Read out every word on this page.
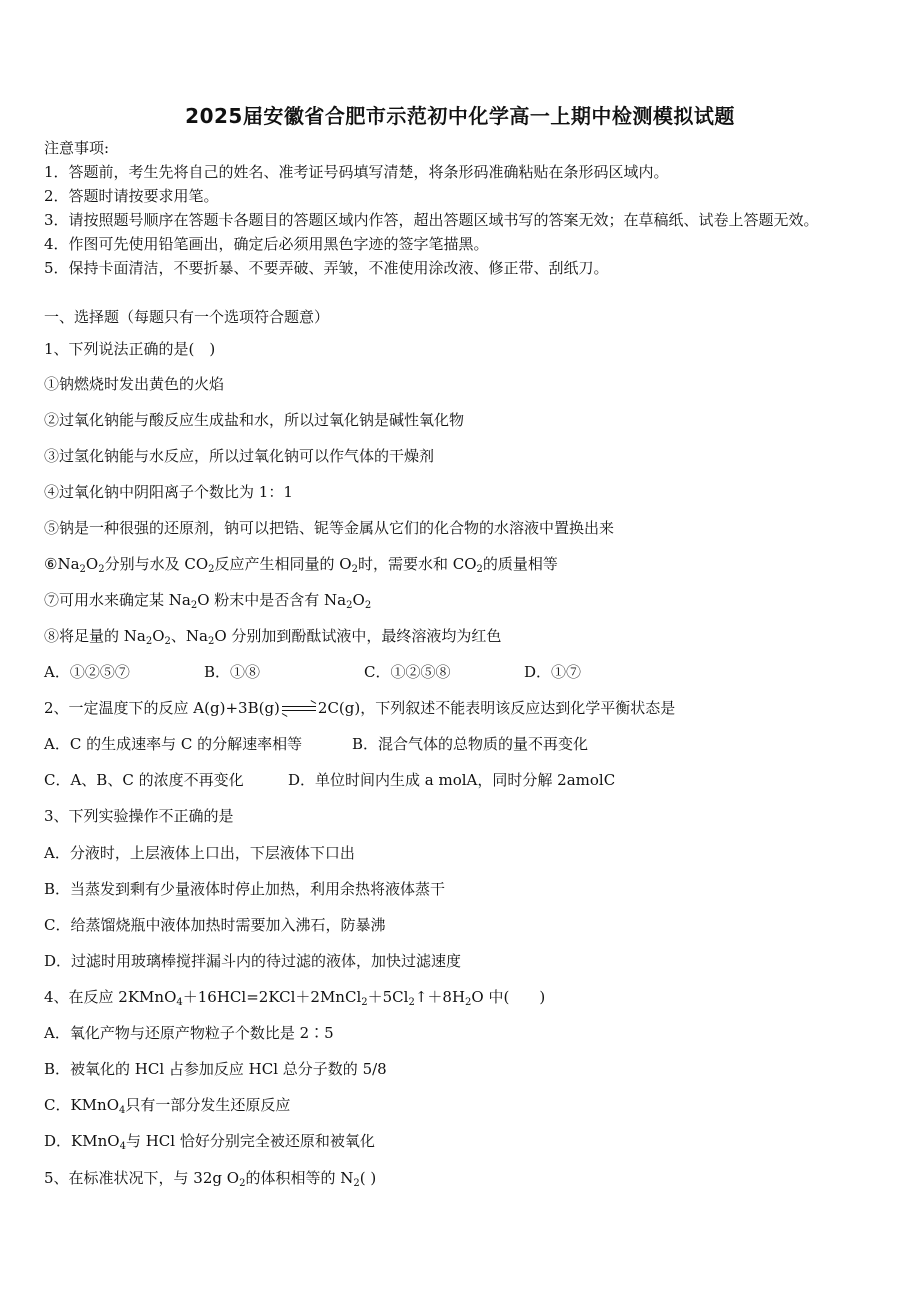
2025届安徽省合肥市示范初中化学高一上期中检测模拟试题
注意事项:
1．答题前，考生先将自己的姓名、准考证号码填写清楚，将条形码准确粘贴在条形码区域内。
2．答题时请按要求用笔。
3．请按照题号顺序在答题卡各题目的答题区域内作答，超出答题区域书写的答案无效；在草稿纸、试卷上答题无效。
4．作图可先使用铅笔画出，确定后必须用黑色字迹的签字笔描黑。
5．保持卡面清洁，不要折暴、不要弄破、弄皱，不准使用涂改液、修正带、刮纸刀。
一、选择题（每题只有一个选项符合题意）
1、下列说法正确的是(　)
①钠燃烧时发出黄色的火焰
②过氧化钠能与酸反应生成盐和水，所以过氧化钠是碱性氧化物
③过氢化钠能与水反应，所以过氧化钠可以作气体的干燥剂
④过氧化钠中阴阳离子个数比为 1：1
⑤钠是一种很强的还原剂，钠可以把锆、铌等金属从它们的化合物的水溶液中置换出来
$⑥Na_2O_2$分别与水及 $CO_2$反应产生相同量的 $O_2$时，需要水和 $CO_2$的质量相等
⑦可用水来确定某 $Na_2O$ 粉末中是否含有 $Na_2O_2$
⑧将足量的 $Na_2O_2$、$Na_2O$ 分别加到酚酞试液中，最终溶液均为红色
A．①②⑤⑦	B．①⑧	C．①②⑤⑧	D．①⑦
2、一定温度下的反应 A(g)+3B(g)	2C(g)，下列叙述不能表明该反应达到化学平衡状态是
A．C 的生成速率与 C 的分解速率相等	B．混合气体的总物质的量不再变化
C．A、B、C 的浓度不再变化	D．单位时间内生成 a molA，同时分解 2amolC
3、下列实验操作不正确的是
A．分液时，上层液体上口出，下层液体下口出
B．当蒸发到剩有少量液体时停止加热，利用余热将液体蒸干
C．给蒸馏烧瓶中液体加热时需要加入沸石，防暴沸
D．过滤时用玻璃棒搅拌漏斗内的待过滤的液体，加快过滤速度
4、在反应 $2KMnO_4+16HCl=2KCl+2MnCl_2+5Cl_2↑+8H_2O$ 中(　　)
A．氧化产物与还原产物粒子个数比是 2∶5
B．被氧化的 HCl 占参加反应 HCl 总分子数的 5/8
C．KMnO$_4$只有一部分发生还原反应
D．KMnO$_4$与 HCl 恰好分别完全被还原和被氧化
5、在标准状况下，与 32g $O_2$的体积相等的 $N_2$( )
